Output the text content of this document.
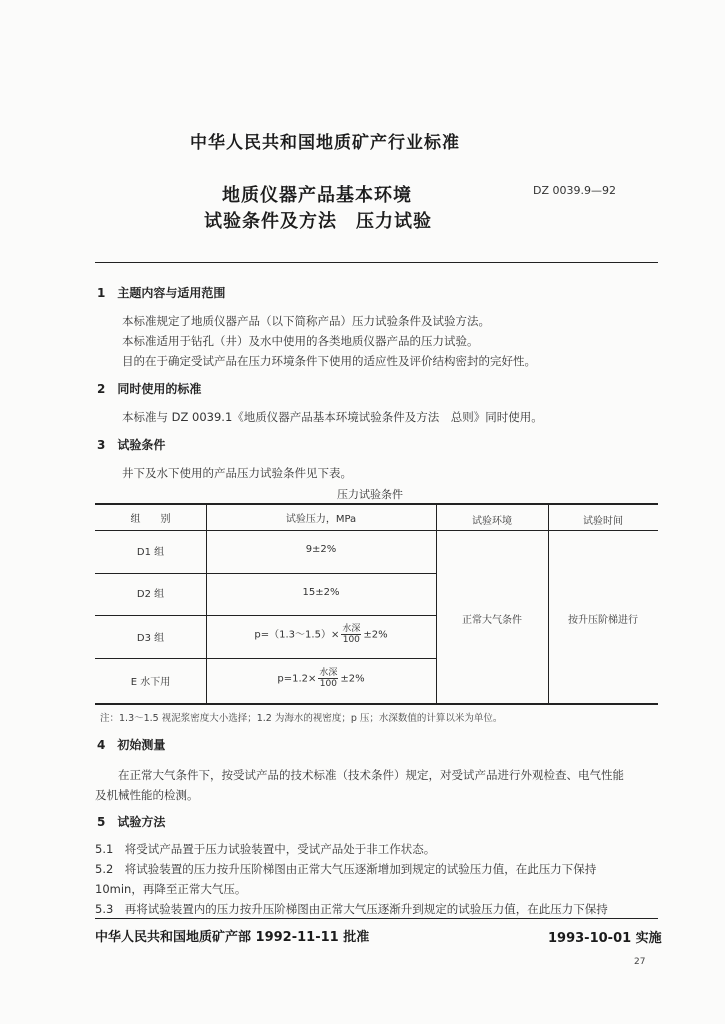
中华人民共和国地质矿产行业标准
地质仪器产品基本环境
试验条件及方法　压力试验
DZ 0039.9—92
1　主题内容与适用范围
本标准规定了地质仪器产品（以下简称产品）压力试验条件及试验方法。
本标准适用于钻孔（井）及水中使用的各类地质仪器产品的压力试验。
目的在于确定受试产品在压力环境条件下使用的适应性及评价结构密封的完好性。
2　同时使用的标准
本标准与 DZ 0039.1《地质仪器产品基本环境试验条件及方法　总则》同时使用。
3　试验条件
井下及水下使用的产品压力试验条件见下表。
压力试验条件
组　　别	试验压力，MPa	试验环境	试验时间
D1 组	9±2%
D2 组	15±2%
D3 组	p=（1.3～1.5）× $\frac{\text{水深}}{100} \pm 2\%$
E 水下用	$p=1.2\times \frac{\text{水深}}{100} \pm 2\%$
正常大气条件	按升压阶梯进行
注：1.3～1.5 视泥浆密度大小选择；1.2 为海水的视密度；p 压；水深数值的计算以米为单位。
4　初始测量
在正常大气条件下，按受试产品的技术标准（技术条件）规定，对受试产品进行外观检查、电气性能
及机械性能的检测。
5　试验方法
5.1　将受试产品置于压力试验装置中，受试产品处于非工作状态。
5.2　将试验装置的压力按升压阶梯图由正常大气压逐渐增加到规定的试验压力值，在此压力下保持
10min，再降至正常大气压。
5.3　再将试验装置内的压力按升压阶梯图由正常大气压逐渐升到规定的试验压力值，在此压力下保持
中华人民共和国地质矿产部 1992-11-11 批准	1993-10-01 实施
27
